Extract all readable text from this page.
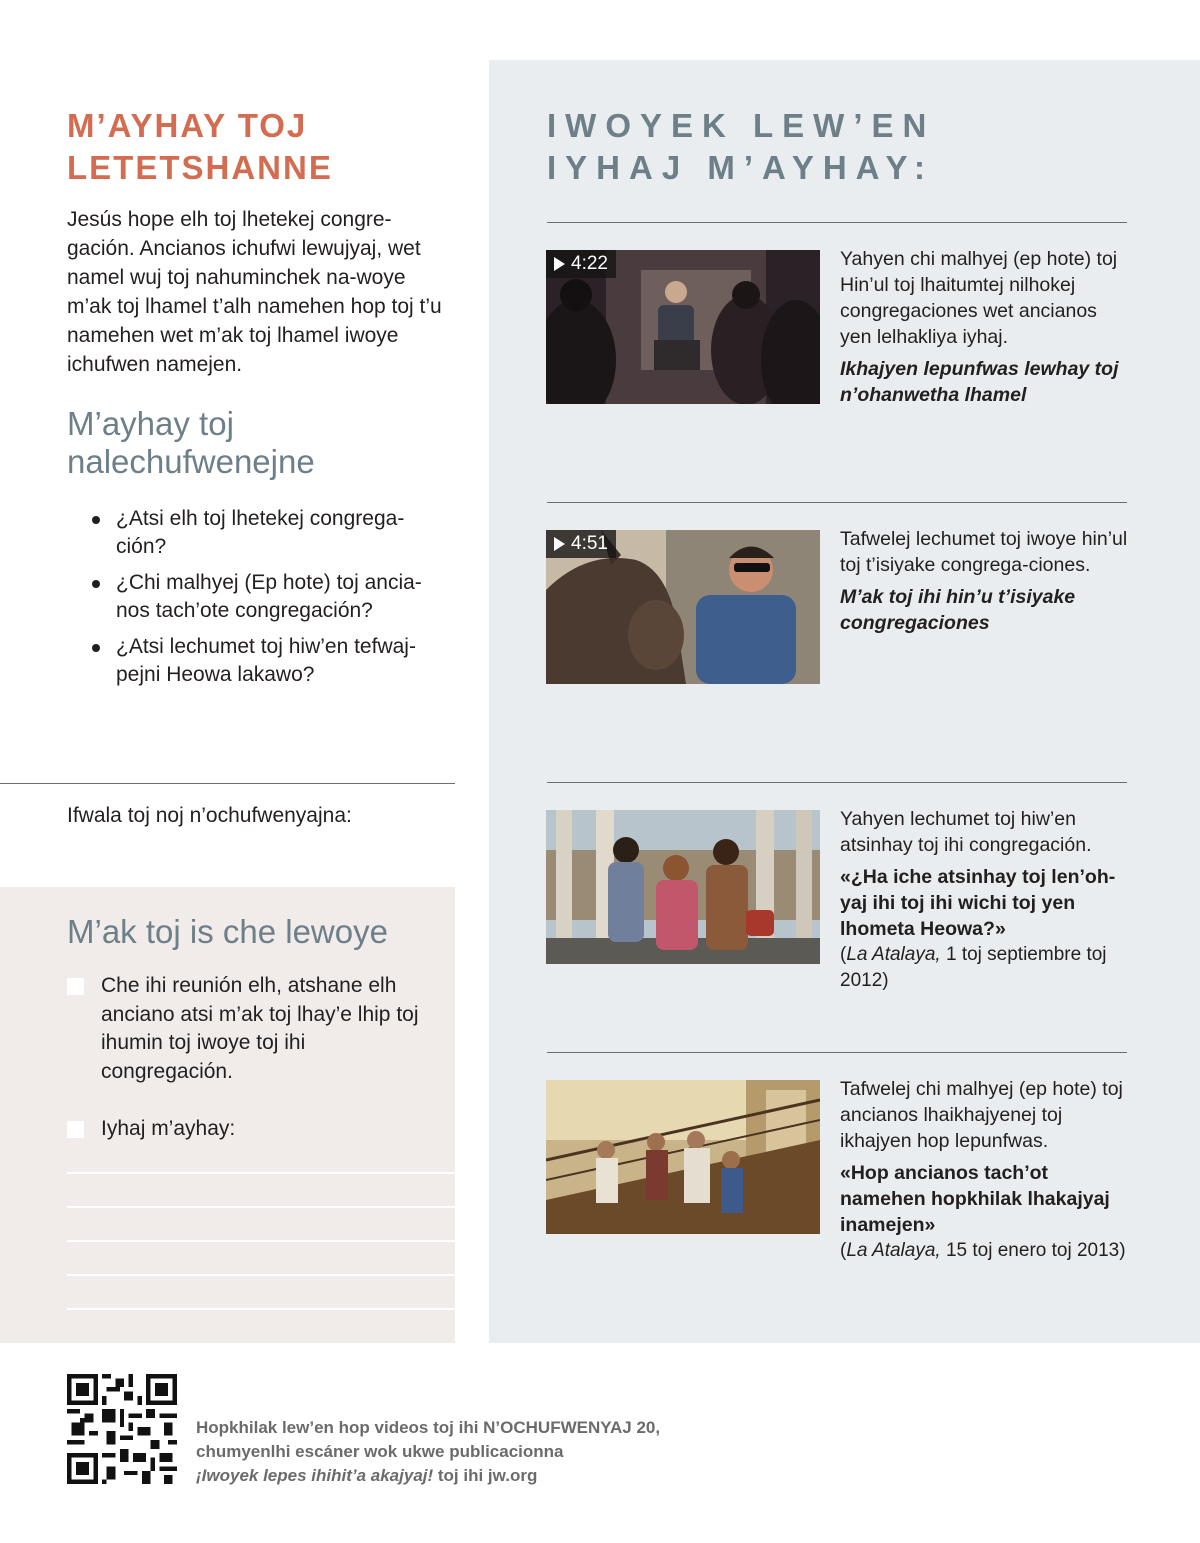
IWOYEK LEW’EN
IYHAJ M’AYHAY:
4:22	Yahyen chi malhyej (ep hote) toj Hin’ul toj lhaitumtej nilhokej congregaciones wet ancianos yen lelhakliya iyhaj.

Ikhajyen lepunfwas lewhay toj n’ohanwetha lhamel

4:51	Tafwelej lechumet toj iwoye hin’ul toj t’isiyake congrega-ciones.

M’ak toj ihi hin’u t’isiyake congregaciones

Yahyen lechumet toj hiw’en atsinhay toj ihi congregación.

«¿Ha iche atsinhay toj len’oh-yaj ihi toj ihi wichi toj yen lhometa Heowa?»

(La Atalaya, 1 toj septiembre toj 2012)

Tafwelej chi malhyej (ep hote) toj ancianos lhaikhajyenej toj ikhajyen hop lepunfwas.

«Hop ancianos tach’ot namehen hopkhilak lhakajyaj inamejen»

(La Atalaya, 15 toj enero toj 2013)

M’AYHAY TOJ
LETETSHANNE

Jesús hope elh toj lhetekej congre-gación. Ancianos ichufwi lewujyaj, wet namel wuj toj nahuminchek na-woye m’ak toj lhamel t’alh namehen hop toj t’u namehen wet m’ak toj lhamel iwoye ichufwen namejen.

M’ayhay toj
nalechufwenejne
¿Atsi elh toj lhetekej congrega-ción?
¿Chi malhyej (Ep hote) toj ancia-nos tach’ote congregación?
¿Atsi lechumet toj hiw’en tefwaj-pejni Heowa lakawo?
Ifwala toj noj n’ochufwenyajna:
M’ak toj is che lewoye
Che ihi reunión elh, atshane elh anciano atsi m’ak toj lhay’e lhip toj ihumin toj iwoye toj ihi congregación.
Iyhaj m’ayhay:
Hopkhilak lew’en hop videos toj ihi N’OCHUFWENYAJ 20,
chumyenlhi escáner wok ukwe publicacionna
¡Iwoyek lepes ihihit’a akajyaj! toj ihi jw.org
